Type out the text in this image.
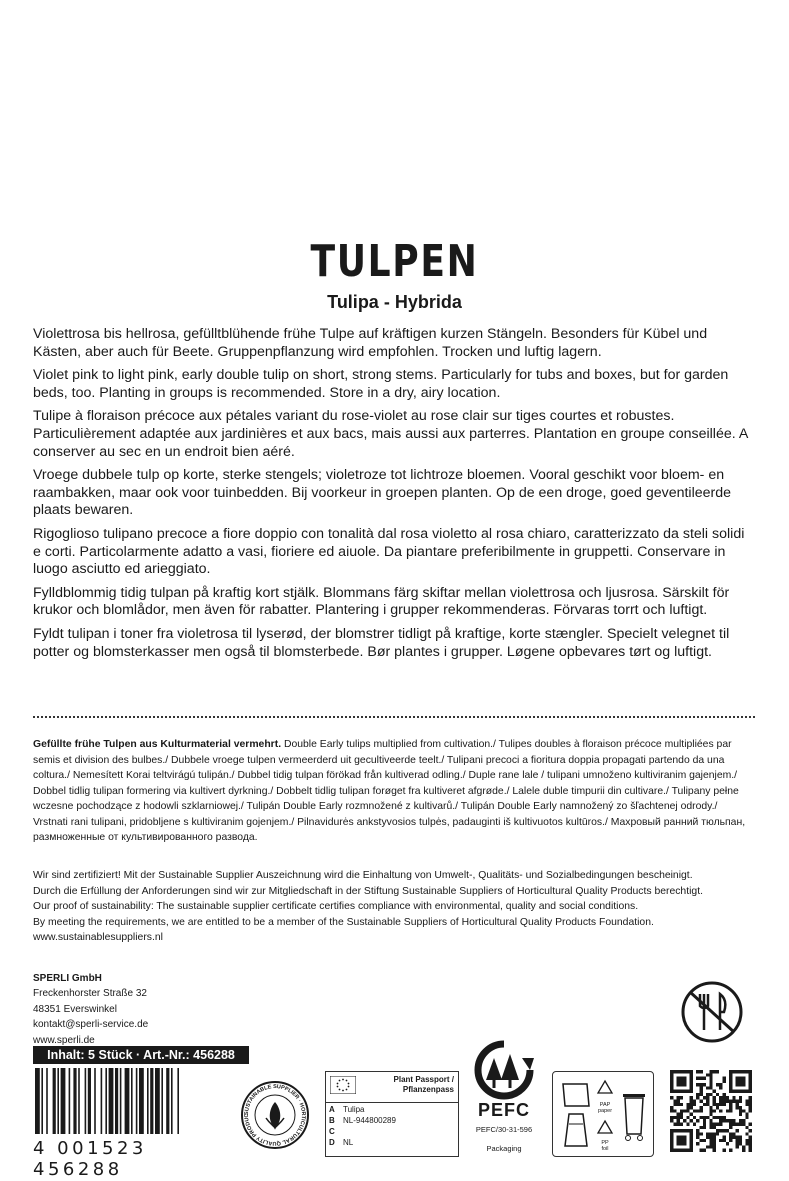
TULPEN
Tulipa - Hybrida

Violettrosa bis hellrosa, gefülltblühende frühe Tulpe auf kräftigen kurzen Stängeln. Besonders für Kübel und Kästen, aber auch für Beete. Gruppenpflanzung wird empfohlen. Trocken und luftig lagern.

Violet pink to light pink, early double tulip on short, strong stems. Particularly for tubs and boxes, but for garden beds, too. Planting in groups is recommended. Store in a dry, airy location.

Tulipe à floraison précoce aux pétales variant du rose-violet au rose clair sur tiges courtes et robustes. Particulièrement adaptée aux jardinières et aux bacs, mais aussi aux parterres. Plantation en groupe conseillée. A conserver au sec en un endroit bien aéré.

Vroege dubbele tulp op korte, sterke stengels; violetroze tot lichtroze bloemen. Vooral geschikt voor bloem- en raambakken, maar ook voor tuinbedden. Bij voorkeur in groepen planten. Op de een droge, goed geventileerde plaats bewaren.

Rigoglioso tulipano precoce a fiore doppio con tonalità dal rosa violetto al rosa chiaro, caratterizzato da steli solidi e corti. Particolarmente adatto a vasi, fioriere ed aiuole. Da piantare preferibilmente in gruppetti. Conservare in luogo asciutto ed arieggiato.

Fylldblommig tidig tulpan på kraftig kort stjälk. Blommans färg skiftar mellan violettrosa och ljusrosa. Särskilt för krukor och blomlådor, men även för rabatter. Plantering i grupper rekommenderas. Förvaras torrt och luftigt.

Fyldt tulipan i toner fra violetrosa til lyserød, der blomstrer tidligt på kraftige, korte stængler. Specielt velegnet til potter og blomsterkasser men også til blomsterbede. Bør plantes i grupper. Løgene opbevares tørt og luftigt.

Gefüllte frühe Tulpen aus Kulturmaterial vermehrt. Double Early tulips multiplied from cultivation./ Tulipes doubles à floraison précoce multipliées par semis et division des bulbes./ Dubbele vroege tulpen vermeerderd uit gecultiveerde teelt./ Tulipani precoci a fioritura doppia propagati partendo da una coltura./ Nemesített Korai teltvirágú tulipán./ Dubbel tidig tulpan förökad från kultiverad odling./ Duple rane lale / tulipani umnoženo kultiviranim gajenjem./ Dobbel tidlig tulipan formering via kultivert dyrkning./ Dobbelt tidlig tulipan forøget fra kultiveret afgrøde./ Lalele duble timpurii din cultivare./ Tulipany pełne wczesne pochodzące z hodowli szklarniowej./ Tulipán Double Early rozmnožené z kultivarů./ Tulipán Double Early namnožený zo šľachtenej odrody./ Vrstnati rani tulipani, pridobljene s kultiviranim gojenjem./ Pilnavidurės ankstyvosios tulpės, padauginti iš kultivuotos kultūros./ Махровый ранний тюльпан, размноженные от культивированного развода.
Wir sind zertifiziert! Mit der Sustainable Supplier Auszeichnung wird die Einhaltung von Umwelt-, Qualitäts- und Sozialbedingungen bescheinigt.
Durch die Erfüllung der Anforderungen sind wir zur Mitgliedschaft in der Stiftung Sustainable Suppliers of Horticultural Quality Products berechtigt.
Our proof of sustainability: The sustainable supplier certificate certifies compliance with environmental, quality and social conditions.
By meeting the requirements, we are entitled to be a member of the Sustainable Suppliers of Horticultural Quality Products Foundation.
www.sustainablesuppliers.nl
SPERLI GmbH
Freckenhorster Straße 32
48351 Everswinkel
kontakt@sperli-service.de
www.sperli.de
Inhalt: 5 Stück · Art.-Nr.: 456288
4 001523 456288
SUSTAINABLE SUPPLIER · HORTICULTURAL QUALITY PRODUC
Plant Passport /
Pflanzenpass
A	Tulipa
B	NL-944800289
C
D	NL
PEFC
PEFC/30-31-596
Packaging
PAP
paper
PP
foil
